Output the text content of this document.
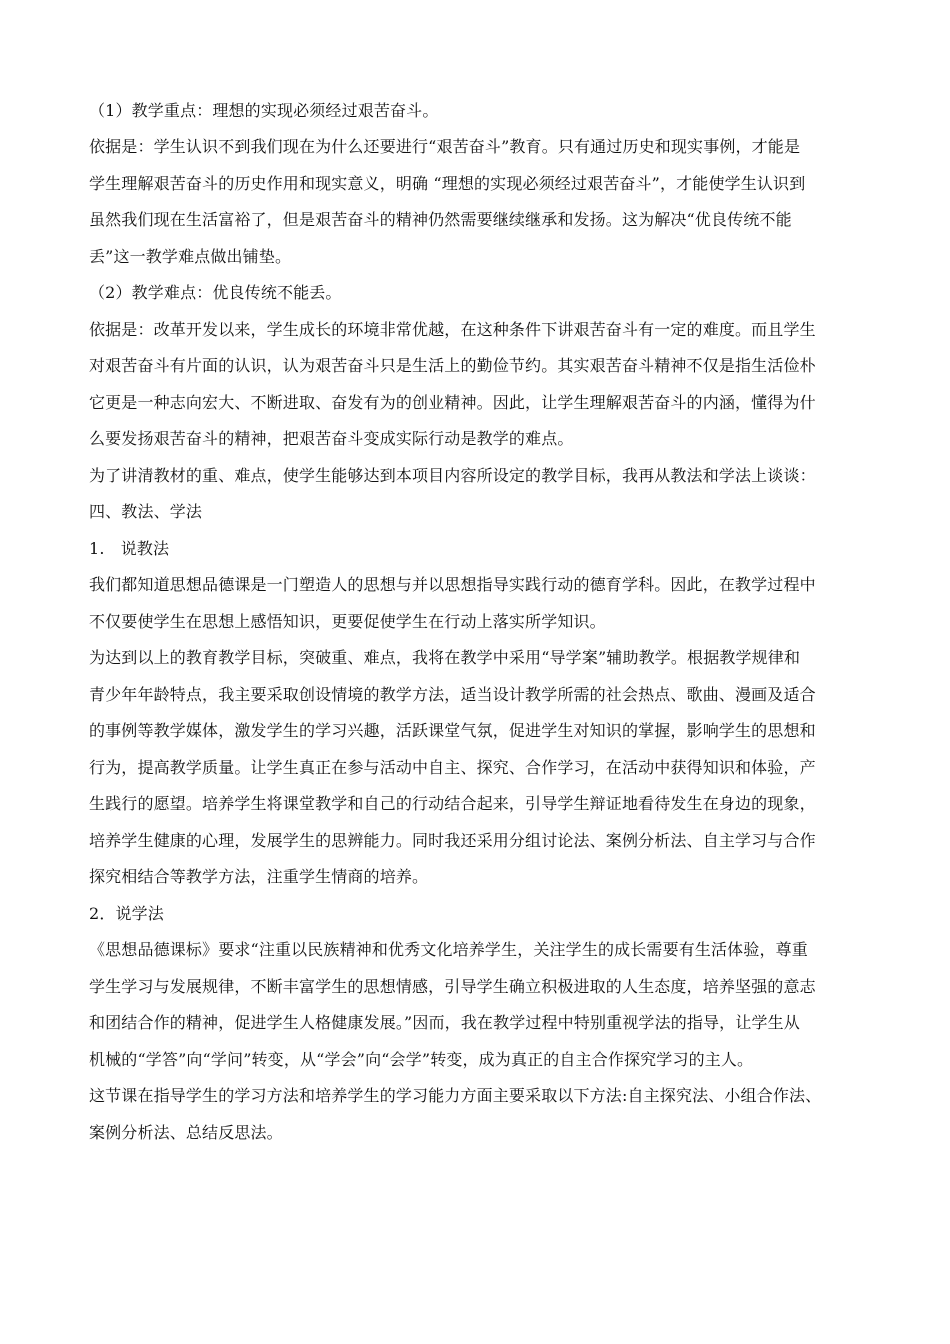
（1）教学重点：理想的实现必须经过艰苦奋斗。
依据是：学生认识不到我们现在为什么还要进行“艰苦奋斗”教育。只有通过历史和现实事例，才能是
学生理解艰苦奋斗的历史作用和现实意义，明确 “理想的实现必须经过艰苦奋斗”，才能使学生认识到
虽然我们现在生活富裕了，但是艰苦奋斗的精神仍然需要继续继承和发扬。这为解决“优良传统不能
丢”这一教学难点做出铺垫。
（2）教学难点：优良传统不能丢。
依据是：改革开发以来，学生成长的环境非常优越，在这种条件下讲艰苦奋斗有一定的难度。而且学生
对艰苦奋斗有片面的认识，认为艰苦奋斗只是生活上的勤俭节约。其实艰苦奋斗精神不仅是指生活俭朴
它更是一种志向宏大、不断进取、奋发有为的创业精神。因此，让学生理解艰苦奋斗的内涵，懂得为什
么要发扬艰苦奋斗的精神，把艰苦奋斗变成实际行动是教学的难点。
为了讲清教材的重、难点，使学生能够达到本项目内容所设定的教学目标，我再从教法和学法上谈谈：
四、教法、学法
1.　说教法
我们都知道思想品德课是一门塑造人的思想与并以思想指导实践行动的德育学科。因此，在教学过程中
不仅要使学生在思想上感悟知识，更要促使学生在行动上落实所学知识。
为达到以上的教育教学目标，突破重、难点，我将在教学中采用“导学案”辅助教学。根据教学规律和
青少年年龄特点，我主要采取创设情境的教学方法，适当设计教学所需的社会热点、歌曲、漫画及适合
的事例等教学媒体，激发学生的学习兴趣，活跃课堂气氛，促进学生对知识的掌握，影响学生的思想和
行为，提高教学质量。让学生真正在参与活动中自主、探究、合作学习，在活动中获得知识和体验，产
生践行的愿望。培养学生将课堂教学和自己的行动结合起来，引导学生辩证地看待发生在身边的现象，
培养学生健康的心理，发展学生的思辨能力。同时我还采用分组讨论法、案例分析法、自主学习与合作
探究相结合等教学方法，注重学生情商的培养。
2．说学法
《思想品德课标》要求“注重以民族精神和优秀文化培养学生，关注学生的成长需要有生活体验，尊重
学生学习与发展规律，不断丰富学生的思想情感，引导学生确立积极进取的人生态度，培养坚强的意志
和团结合作的精神，促进学生人格健康发展。”因而，我在教学过程中特别重视学法的指导，让学生从
机械的“学答”向“学问”转变，从“学会”向“会学”转变，成为真正的自主合作探究学习的主人。
这节课在指导学生的学习方法和培养学生的学习能力方面主要采取以下方法:自主探究法、小组合作法、
案例分析法、总结反思法。
